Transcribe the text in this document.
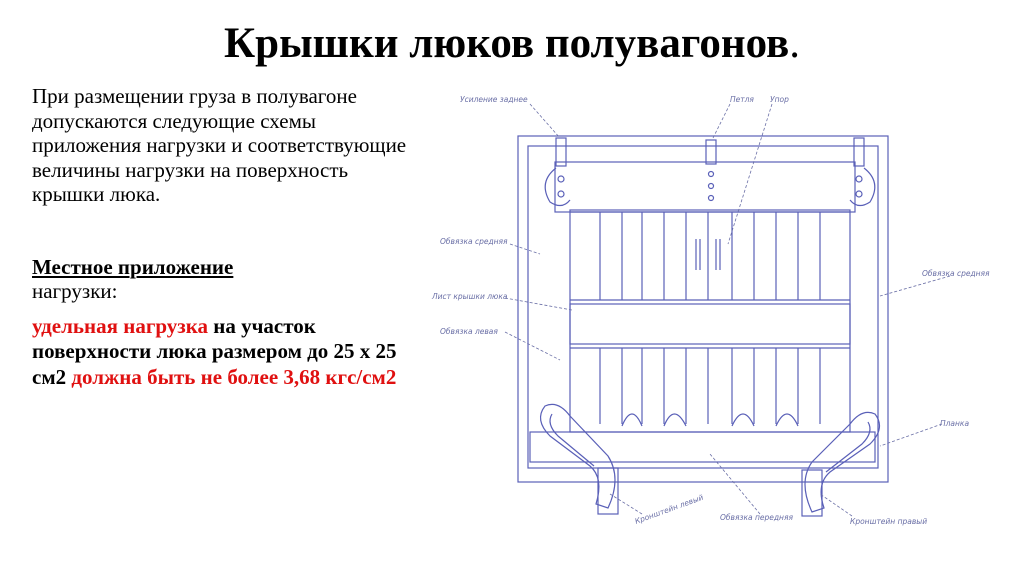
Крышки люков полувагонов.

При размещении груза в полувагоне допускаются следующие схемы приложения нагрузки и соответствующие величины нагрузки на поверхность крышки люка.

Местное приложение
нагрузки:

удельная нагрузка на участок поверхности люка размером до 25 х 25 см2 должна быть не более 3,68 кгс/см2

Усиление заднее	Петля Упор
Обвязка средняя
Лист крышки люка
Обвязка левая
Обвязка средняя
Планка
Кронштейн левый Обвязка передняя	Кронштейн правый
